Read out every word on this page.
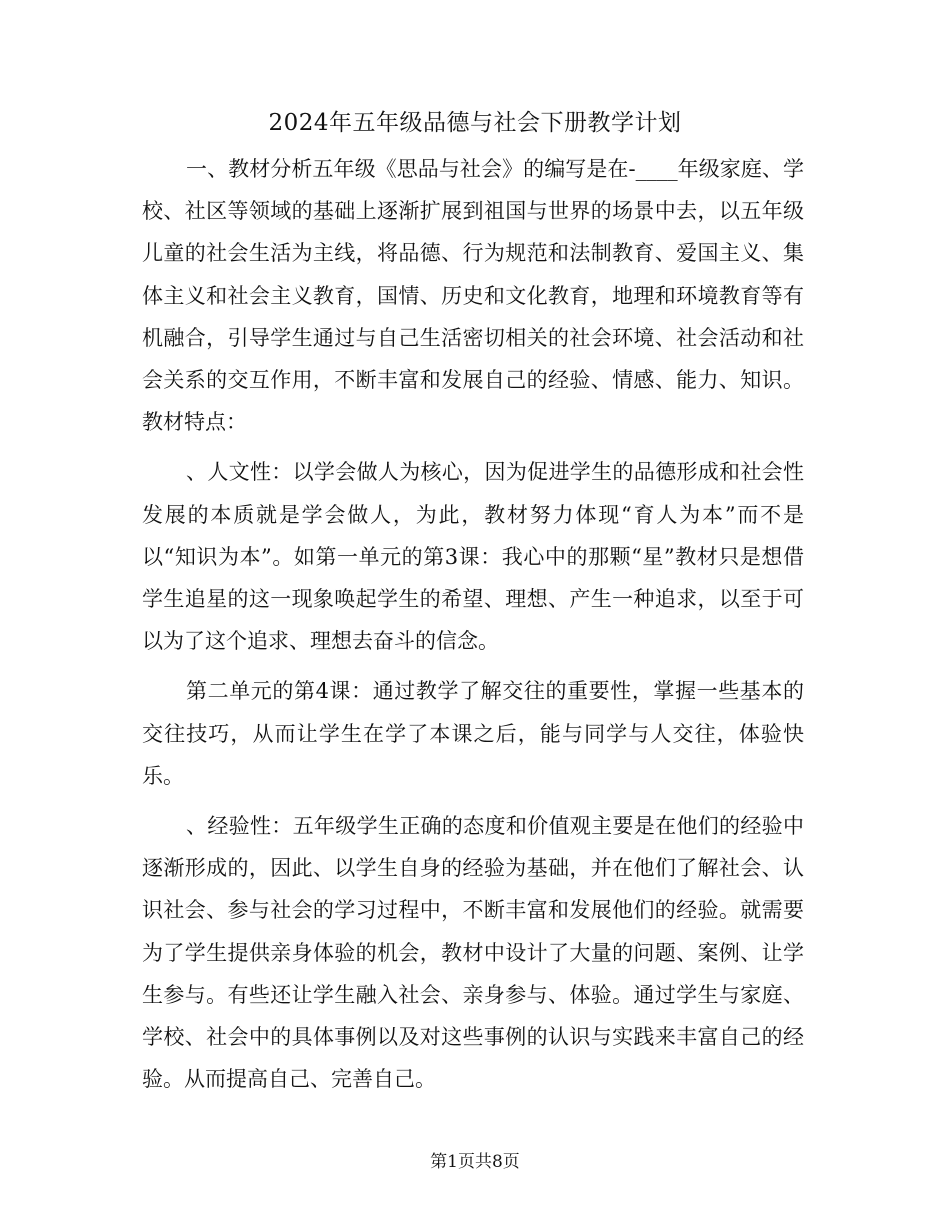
2024年五年级品德与社会下册教学计划

一、教材分析五年级《思品与社会》的编写是在-____年级家庭、学校、社区等领域的基础上逐渐扩展到祖国与世界的场景中去，以五年级儿童的社会生活为主线，将品德、行为规范和法制教育、爱国主义、集体主义和社会主义教育，国情、历史和文化教育，地理和环境教育等有机融合，引导学生通过与自己生活密切相关的社会环境、社会活动和社会关系的交互作用，不断丰富和发展自己的经验、情感、能力、知识。教材特点：

、人文性：以学会做人为核心，因为促进学生的品德形成和社会性发展的本质就是学会做人，为此，教材努力体现“育人为本”而不是以“知识为本”。如第一单元的第3课：我心中的那颗“星”教材只是想借学生追星的这一现象唤起学生的希望、理想、产生一种追求，以至于可以为了这个追求、理想去奋斗的信念。

第二单元的第4课：通过教学了解交往的重要性，掌握一些基本的交往技巧，从而让学生在学了本课之后，能与同学与人交往，体验快乐。

、经验性：五年级学生正确的态度和价值观主要是在他们的经验中逐渐形成的，因此、以学生自身的经验为基础，并在他们了解社会、认识社会、参与社会的学习过程中，不断丰富和发展他们的经验。就需要为了学生提供亲身体验的机会，教材中设计了大量的问题、案例、让学生参与。有些还让学生融入社会、亲身参与、体验。通过学生与家庭、学校、社会中的具体事例以及对这些事例的认识与实践来丰富自己的经验。从而提高自己、完善自己。

第1页共8页
